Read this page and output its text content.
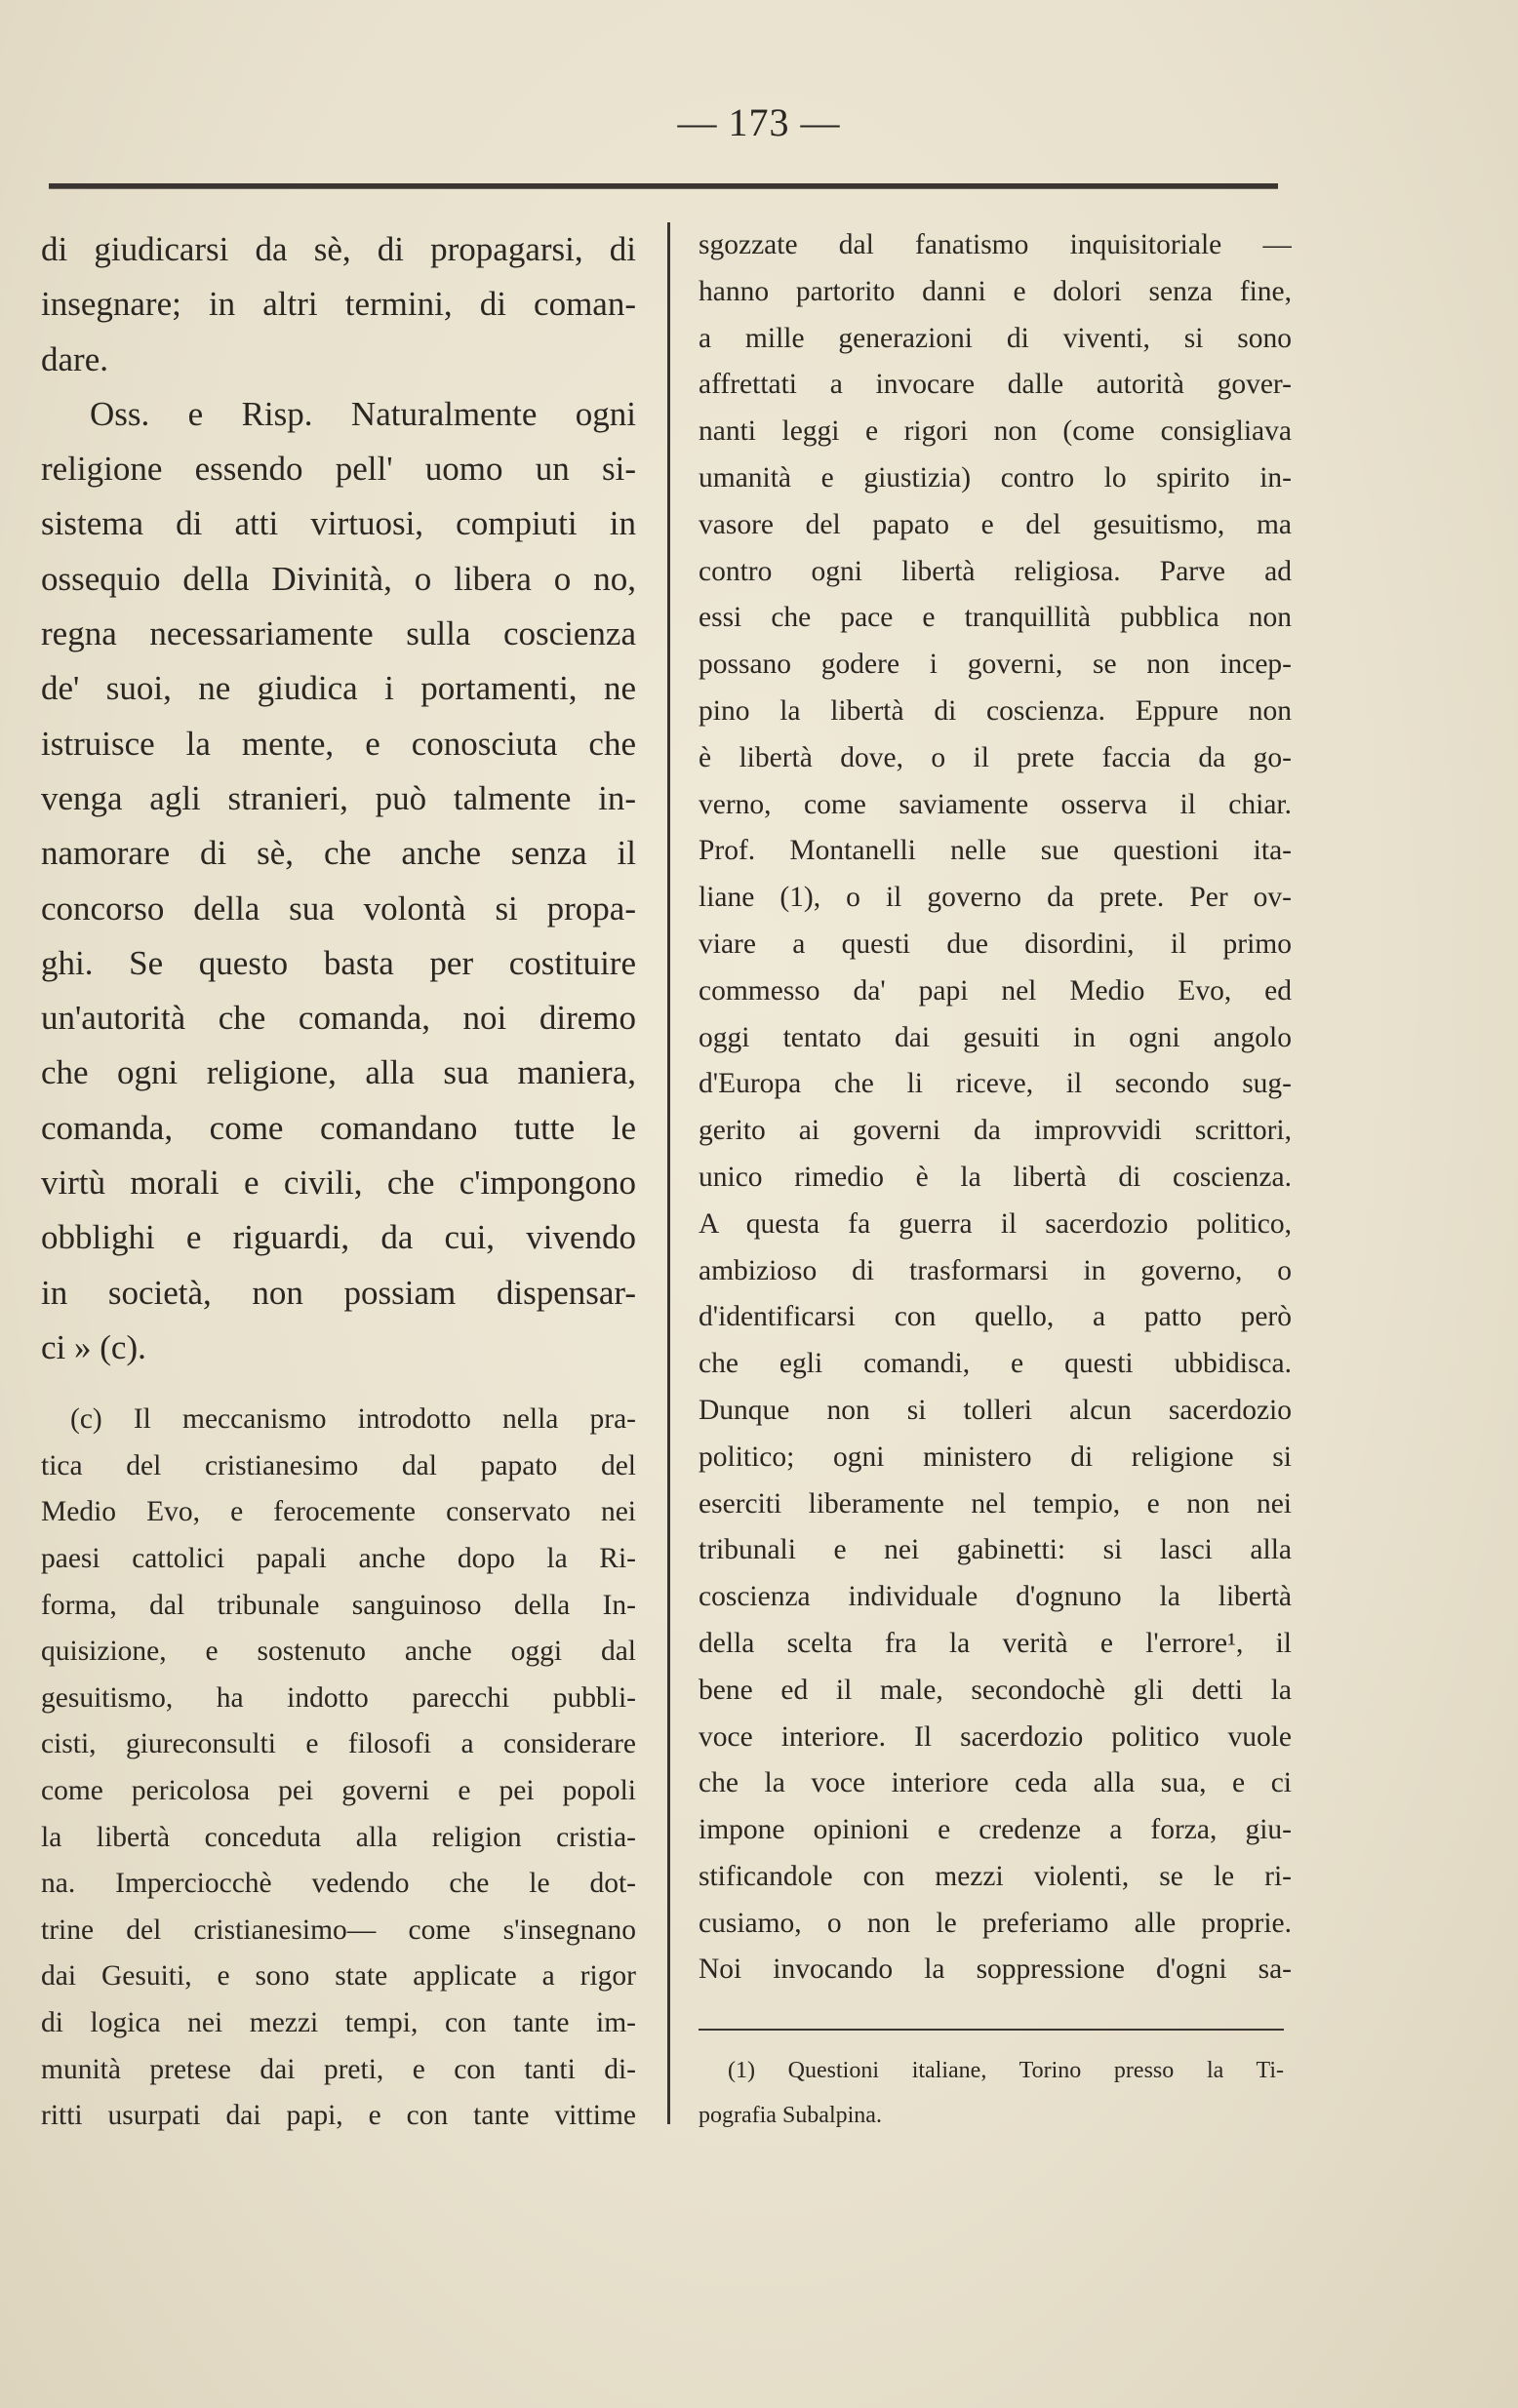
— 173 —
di giudicarsi da sè, di propagarsi, di
insegnare; in altri termini, di coman-
dare.
Oss. e Risp. Naturalmente ogni
religione essendo pell' uomo un si-
sistema di atti virtuosi, compiuti in
ossequio della Divinità, o libera o no,
regna necessariamente sulla coscienza
de' suoi, ne giudica i portamenti, ne
istruisce la mente, e conosciuta che
venga agli stranieri, può talmente in-
namorare di sè, che anche senza il
concorso della sua volontà si propa-
ghi. Se questo basta per costituire
un'autorità che comanda, noi diremo
che ogni religione, alla sua maniera,
comanda, come comandano tutte le
virtù morali e civili, che c'impongono
obblighi e riguardi, da cui, vivendo
in società, non possiam dispensar-
ci » (c).
(c) Il meccanismo introdotto nella pra-
tica del cristianesimo dal papato del
Medio Evo, e ferocemente conservato nei
paesi cattolici papali anche dopo la Ri-
forma, dal tribunale sanguinoso della In-
quisizione, e sostenuto anche oggi dal
gesuitismo, ha indotto parecchi pubbli-
cisti, giureconsulti e filosofi a considerare
come pericolosa pei governi e pei popoli
la libertà conceduta alla religion cristia-
na. Imperciocchè vedendo che le dot-
trine del cristianesimo— come s'insegnano
dai Gesuiti, e sono state applicate a rigor
di logica nei mezzi tempi, con tante im-
munità pretese dai preti, e con tanti di-
ritti usurpati dai papi, e con tante vittime
sgozzate dal fanatismo inquisitoriale —
hanno partorito danni e dolori senza fine,
a mille generazioni di viventi, si sono
affrettati a invocare dalle autorità gover-
nanti leggi e rigori non (come consigliava
umanità e giustizia) contro lo spirito in-
vasore del papato e del gesuitismo, ma
contro ogni libertà religiosa. Parve ad
essi che pace e tranquillità pubblica non
possano godere i governi, se non incep-
pino la libertà di coscienza. Eppure non
è libertà dove, o il prete faccia da go-
verno, come saviamente osserva il chiar.
Prof. Montanelli nelle sue questioni ita-
liane (1), o il governo da prete. Per ov-
viare a questi due disordini, il primo
commesso da' papi nel Medio Evo, ed
oggi tentato dai gesuiti in ogni angolo
d'Europa che li riceve, il secondo sug-
gerito ai governi da improvvidi scrittori,
unico rimedio è la libertà di coscienza.
A questa fa guerra il sacerdozio politico,
ambizioso di trasformarsi in governo, o
d'identificarsi con quello, a patto però
che egli comandi, e questi ubbidisca.
Dunque non si tolleri alcun sacerdozio
politico; ogni ministero di religione si
eserciti liberamente nel tempio, e non nei
tribunali e nei gabinetti: si lasci alla
coscienza individuale d'ognuno la libertà
della scelta fra la verità e l'errore¹, il
bene ed il male, secondochè gli detti la
voce interiore. Il sacerdozio politico vuole
che la voce interiore ceda alla sua, e ci
impone opinioni e credenze a forza, giu-
stificandole con mezzi violenti, se le ri-
cusiamo, o non le preferiamo alle proprie.
Noi invocando la soppressione d'ogni sa-
(1) Questioni italiane, Torino presso la Ti-
pografia Subalpina.
